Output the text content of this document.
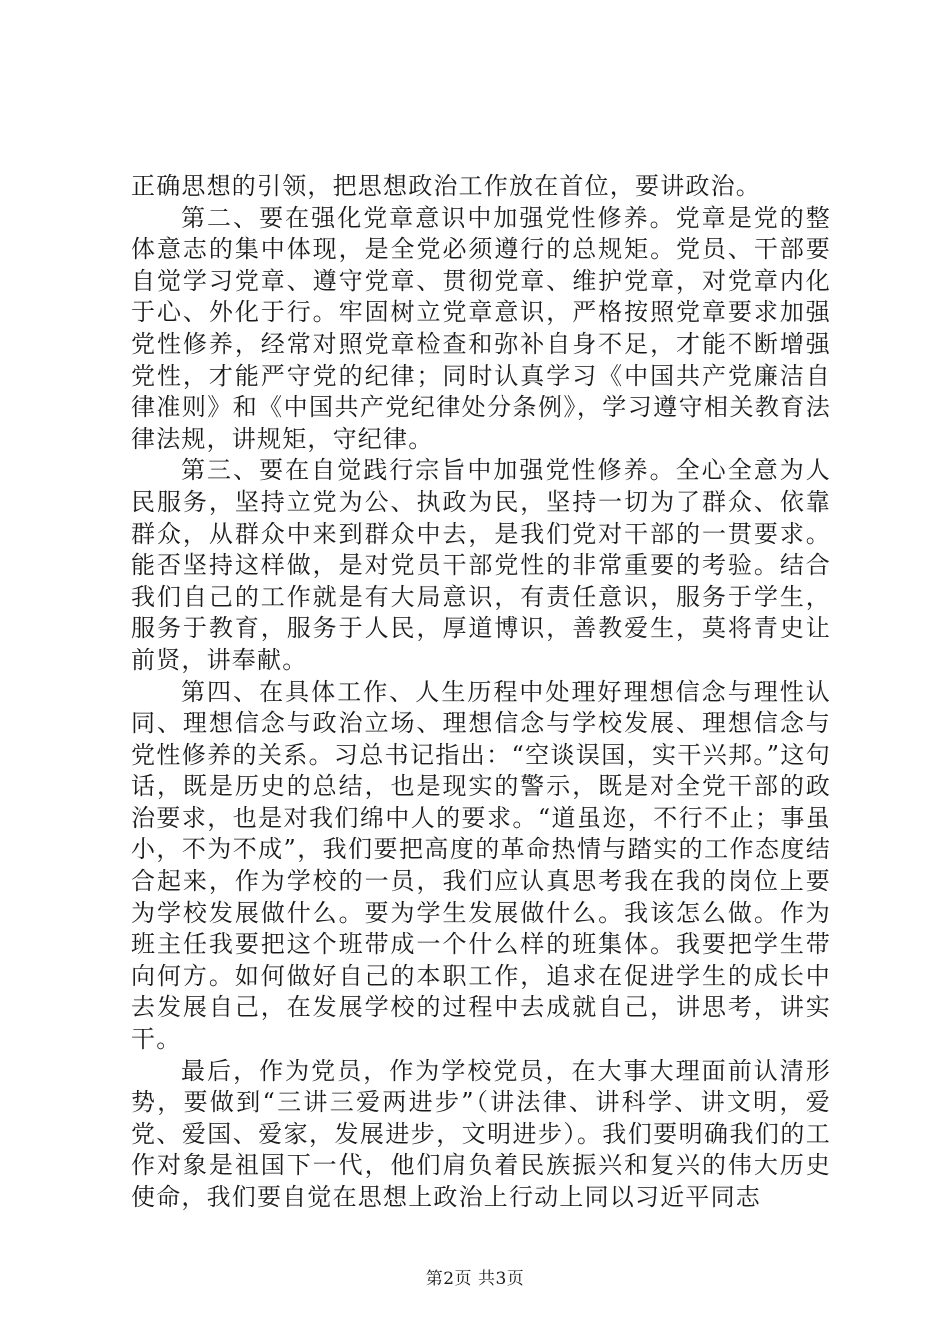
正确思想的引领，把思想政治工作放在首位，要讲政治。

第二、要在强化党章意识中加强党性修养。党章是党的整体意志的集中体现，是全党必须遵行的总规矩。党员、干部要自觉学习党章、遵守党章、贯彻党章、维护党章，对党章内化于心、外化于行。牢固树立党章意识，严格按照党章要求加强党性修养，经常对照党章检查和弥补自身不足，才能不断增强党性，才能严守党的纪律；同时认真学习《中国共产党廉洁自律准则》和《中国共产党纪律处分条例》，学习遵守相关教育法律法规，讲规矩，守纪律。

第三、要在自觉践行宗旨中加强党性修养。全心全意为人民服务，坚持立党为公、执政为民，坚持一切为了群众、依靠群众，从群众中来到群众中去，是我们党对干部的一贯要求。能否坚持这样做，是对党员干部党性的非常重要的考验。结合我们自己的工作就是有大局意识，有责任意识，服务于学生，服务于教育，服务于人民，厚道博识，善教爱生，莫将青史让前贤，讲奉献。

第四、在具体工作、人生历程中处理好理想信念与理性认同、理想信念与政治立场、理想信念与学校发展、理想信念与党性修养的关系。习总书记指出：“空谈误国，实干兴邦。”这句话，既是历史的总结，也是现实的警示，既是对全党干部的政治要求，也是对我们绵中人的要求。“道虽迩，不行不止；事虽小，不为不成”，我们要把高度的革命热情与踏实的工作态度结合起来，作为学校的一员，我们应认真思考我在我的岗位上要为学校发展做什么。要为学生发展做什么。我该怎么做。作为班主任我要把这个班带成一个什么样的班集体。我要把学生带向何方。如何做好自己的本职工作，追求在促进学生的成长中去发展自己，在发展学校的过程中去成就自己，讲思考，讲实干。

最后，作为党员，作为学校党员，在大事大理面前认清形势，要做到“三讲三爱两进步”（讲法律、讲科学、讲文明，爱党、爱国、爱家，发展进步，文明进步）。我们要明确我们的工作对象是祖国下一代，他们肩负着民族振兴和复兴的伟大历史使命，我们要自觉在思想上政治上行动上同以习近平同志

第2页 共3页
